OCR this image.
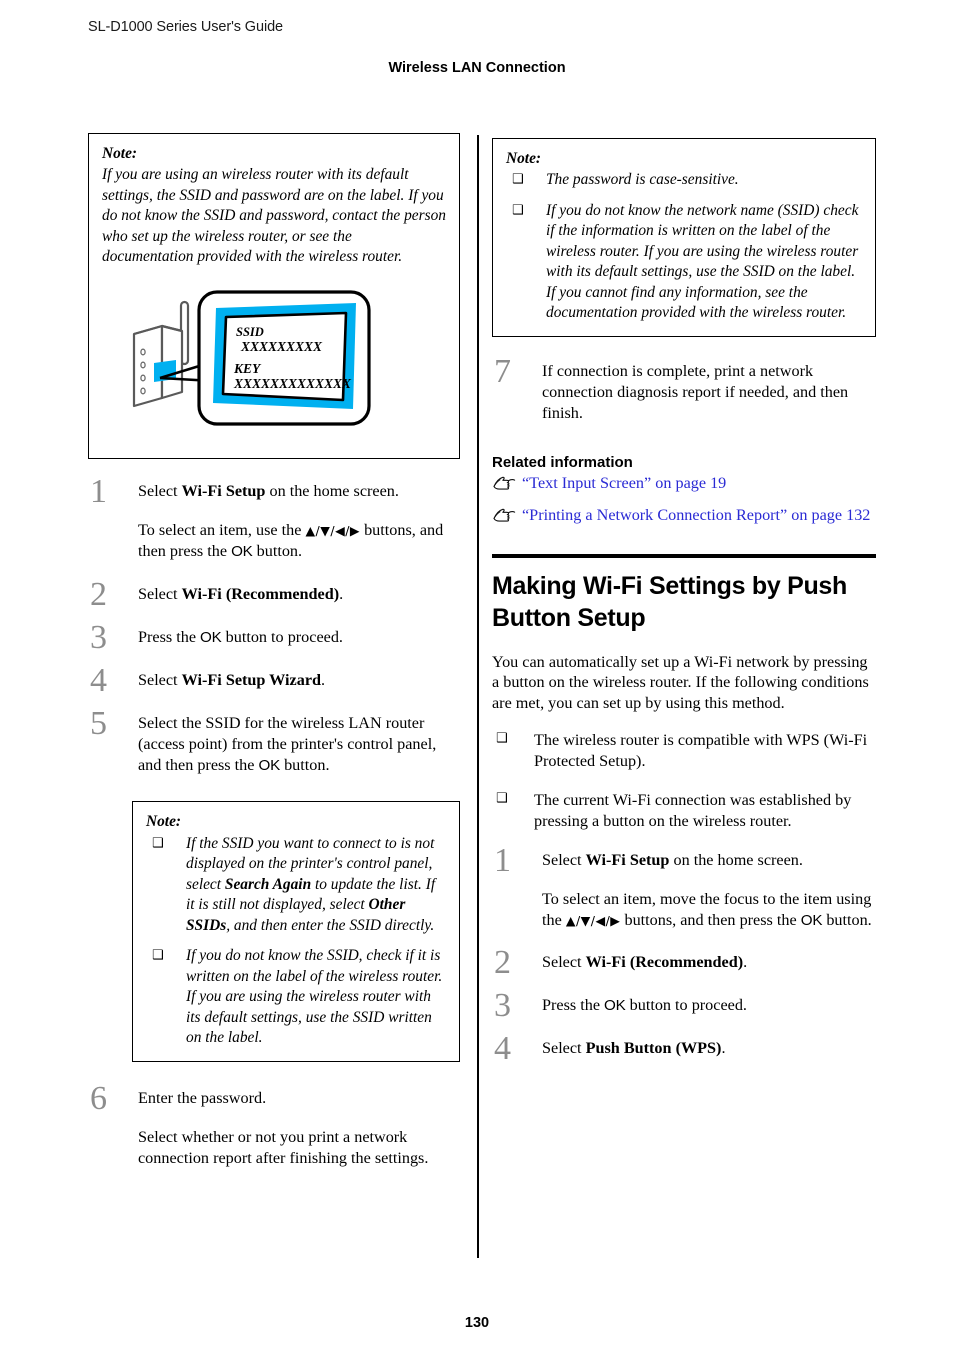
SL-D1000 Series User's Guide
Wireless LAN Connection
Note:
If you are using an wireless router with its default settings, the SSID and password are on the label. If you do not know the SSID and password, contact the person who set up the wireless router, or see the documentation provided with the wireless router.
SSID
XXXXXXXXX
KEY
XXXXXXXXXXXXX
1 Select Wi-Fi Setup on the home screen.

To select an item, use the ▲/▼/◀/▶ buttons, and then press the OK button.

2 Select Wi-Fi (Recommended).

3 Press the OK button to proceed.

4 Select Wi-Fi Setup Wizard.

5 Select the SSID for the wireless LAN router (access point) from the printer's control panel, and then press the OK button.

Note:
❑ If the SSID you want to connect to is not displayed on the printer's control panel, select Search Again to update the list. If it is still not displayed, select Other SSIDs, and then enter the SSID directly.
❑ If you do not know the SSID, check if it is written on the label of the wireless router. If you are using the wireless router with its default settings, use the SSID written on the label.
6 Enter the password.

Select whether or not you print a network connection report after finishing the settings.

Note:
❑ The password is case-sensitive.
❑ If you do not know the network name (SSID) check if the information is written on the label of the wireless router. If you are using the wireless router with its default settings, use the SSID on the label. If you cannot find any information, see the documentation provided with the wireless router.
7 If connection is complete, print a network connection diagnosis report if needed, and then finish.

Related information
“Text Input Screen” on page 19
“Printing a Network Connection Report” on page 132
Making Wi-Fi Settings by Push Button Setup

You can automatically set up a Wi-Fi network by pressing a button on the wireless router. If the following conditions are met, you can set up by using this method.

❑ The wireless router is compatible with WPS (Wi-Fi Protected Setup).
❑ The current Wi-Fi connection was established by pressing a button on the wireless router.
1 Select Wi-Fi Setup on the home screen.

To select an item, move the focus to the item using the ▲/▼/◀/▶ buttons, and then press the OK button.

2 Select Wi-Fi (Recommended).

3 Press the OK button to proceed.

4 Select Push Button (WPS).

130
